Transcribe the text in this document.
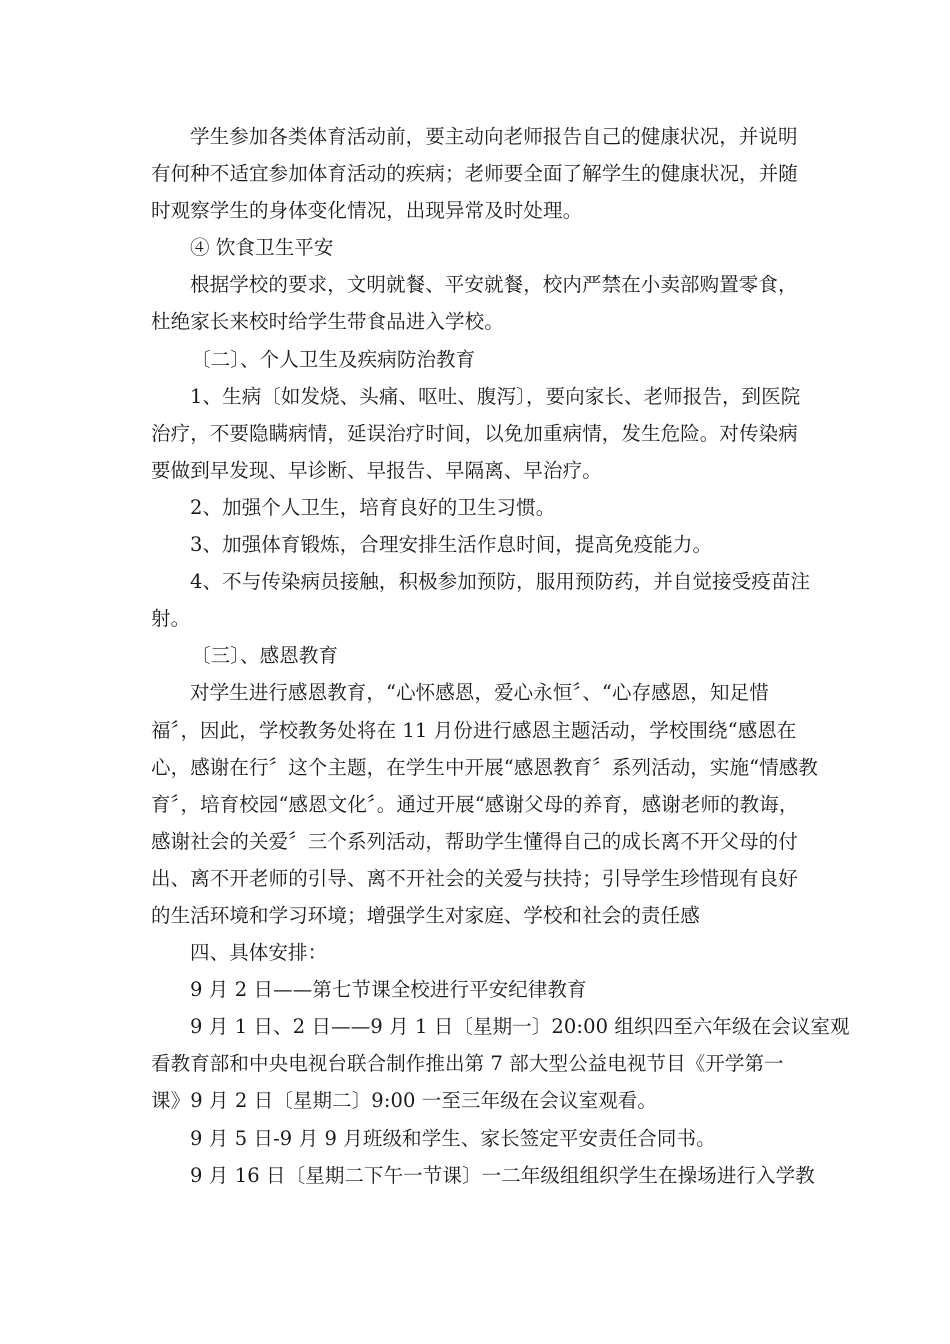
学生参加各类体育活动前，要主动向老师报告自己的健康状况，并说明
有何种不适宜参加体育活动的疾病；老师要全面了解学生的健康状况，并随
时观察学生的身体变化情况，出现异常及时处理。
④ 饮食卫生平安
根据学校的要求，文明就餐、平安就餐，校内严禁在小卖部购置零食，
杜绝家长来校时给学生带食品进入学校。
〔二〕、个人卫生及疾病防治教育
1、生病〔如发烧、头痛、呕吐、腹泻〕，要向家长、老师报告，到医院
治疗，不要隐瞒病情，延误治疗时间，以免加重病情，发生危险。对传染病
要做到早发现、早诊断、早报告、早隔离、早治疗。
2、加强个人卫生，培育良好的卫生习惯。
3、加强体育锻炼，合理安排生活作息时间，提高免疫能力。
4、不与传染病员接触，积极参加预防，服用预防药，并自觉接受疫苗注
射。
〔三〕、感恩教育
对学生进行感恩教育，“心怀感恩，爱心永恒〞、“心存感恩，知足惜
福〞，因此，学校教务处将在 11 月份进行感恩主题活动，学校围绕“感恩在
心，感谢在行〞这个主题，在学生中开展“感恩教育〞系列活动，实施“情感教
育〞，培育校园“感恩文化〞。通过开展“感谢父母的养育，感谢老师的教诲，
感谢社会的关爱〞三个系列活动，帮助学生懂得自己的成长离不开父母的付
出、离不开老师的引导、离不开社会的关爱与扶持；引导学生珍惜现有良好
的生活环境和学习环境；增强学生对家庭、学校和社会的责任感
四、具体安排：
9 月 2 日——第七节课全校进行平安纪律教育
9 月 1 日、2 日——9 月 1 日〔星期一〕20:00 组织四至六年级在会议室观
看教育部和中央电视台联合制作推出第 7 部大型公益电视节目《开学第一
课》9 月 2 日〔星期二〕9:00 一至三年级在会议室观看。
9 月 5 日-9 月 9 月班级和学生、家长签定平安责任合同书。
9 月 16 日〔星期二下午一节课〕一二年级组组织学生在操场进行入学教
